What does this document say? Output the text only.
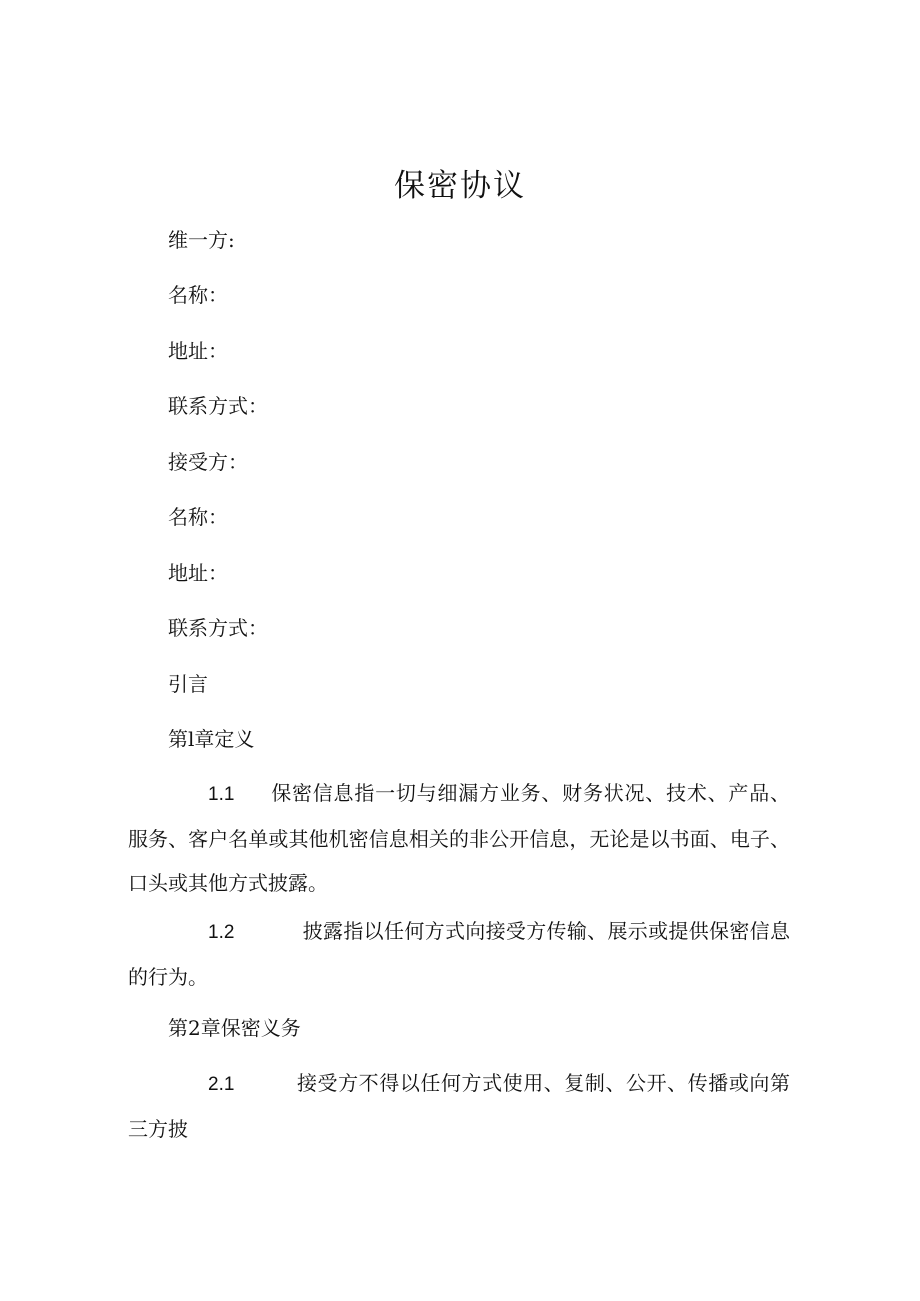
保密协议
维一方:
名称：
地址：
联系方式：
接受方：
名称：
地址：
联系方式：
引言
第l章定义

1.1 保密信息指一切与细漏方业务、财务状况、技术、产品、服务、客户名单或其他机密信息相关的非公开信息，无论是以书面、电子、口头或其他方式披露。

1.2	披露指以任何方式向接受方传输、展示或提供保密信息的行为。

第2章保密义务

2.1	接受方不得以任何方式使用、复制、公开、传播或向第三方披
